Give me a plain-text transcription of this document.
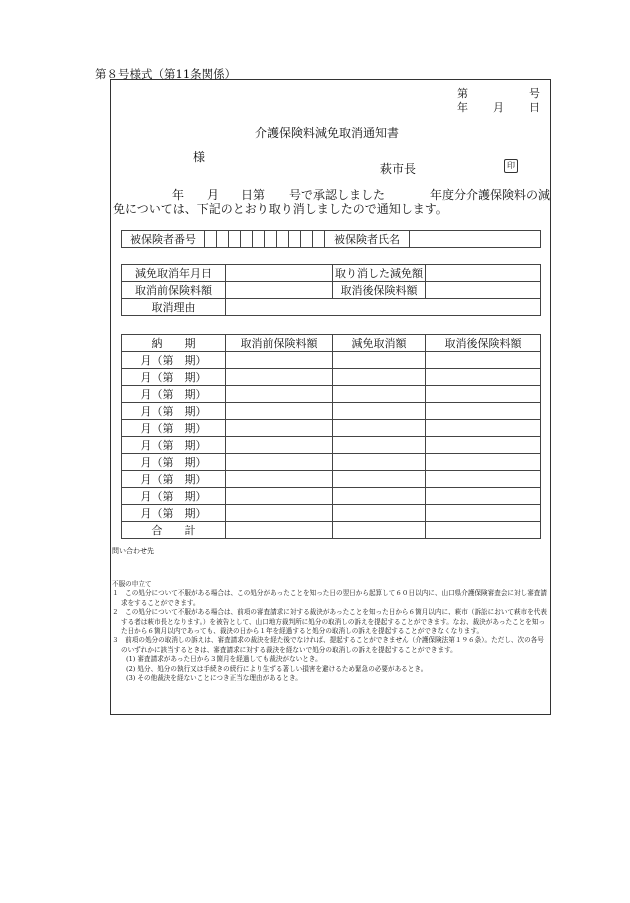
第８号様式（第11条関係）
第	号
年 月 日
介護保険料減免取消通知書
様
萩市長	印
年 月 日第 号で承認しました	年度分介護保険料の減
免については、下記のとおり取り消しましたので通知します。
被保険者番号											被保険者氏名	
減免取消年月日		取り消した減免額	
取消前保険料額		取消後保険料額	
取消理由			
納　　期	取消前保険料額	減免取消額	取消後保険料額
月（第　期）			
月（第　期）			
月（第　期）			
月（第　期）			
月（第　期）			
月（第　期）			
月（第　期）			
月（第　期）			
月（第　期）			
月（第　期）			
合　　計			
問い合わせ先

不服の申立て

１　この処分について不服がある場合は、この処分があったことを知った日の翌日から起算して６０日以内に、山口県介護保険審査会に対し審査請求をすることができます。

２　この処分について不服がある場合は、前項の審査請求に対する裁決があったことを知った日から６箇月以内に、萩市（訴訟において萩市を代表する者は萩市長となります。）を被告として、山口地方裁判所に処分の取消しの訴えを提起することができます。なお、裁決があったことを知った日から６箇月以内であっても、裁決の日から１年を経過すると処分の取消しの訴えを提起することができなくなります。

３　前項の処分の取消しの訴えは、審査請求の裁決を経た後でなければ、提起することができません（介護保険法第１９６条）。ただし、次の各号のいずれかに該当するときは、審査請求に対する裁決を経ないで処分の取消しの訴えを提起することができます。

(1) 審査請求があった日から３箇月を経過しても裁決がないとき。

(2) 処分、処分の執行又は手続きの続行により生ずる著しい損害を避けるため緊急の必要があるとき。

(3) その他裁決を経ないことにつき正当な理由があるとき。
